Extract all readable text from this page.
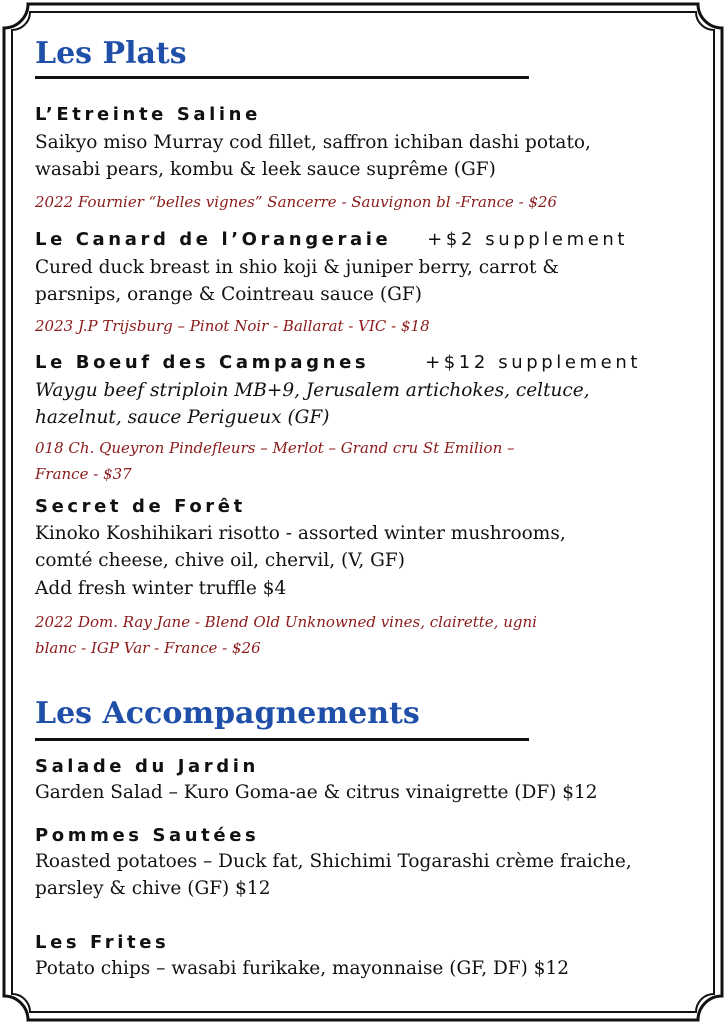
Les Plats
L’Etreinte Saline
Saikyo miso Murray cod fillet, saffron ichiban dashi potato,
wasabi pears, kombu & leek sauce suprême (GF)
2022 Fournier “belles vignes” Sancerre - Sauvignon bl -France - $26
Le Canard de l’Orangeraie +$2 supplement
Cured duck breast in shio koji & juniper berry, carrot &
parsnips, orange & Cointreau sauce (GF)
2023 J.P Trijsburg – Pinot Noir - Ballarat - VIC - $18
Le Boeuf des Campagnes	+$12 supplement
Waygu beef striploin MB+9, Jerusalem artichokes, celtuce,
hazelnut, sauce Perigueux (GF)
018 Ch. Queyron Pindefleurs – Merlot – Grand cru St Emilion –
France - $37
Secret de Forêt
Kinoko Koshihikari risotto - assorted winter mushrooms,
comté cheese, chive oil, chervil, (V, GF)
Add fresh winter truffle $4
2022 Dom. Ray Jane - Blend Old Unknowned vines, clairette, ugni
blanc - IGP Var - France - $26
Les Accompagnements
Salade du Jardin
Garden Salad – Kuro Goma-ae & citrus vinaigrette (DF) $12
Pommes Sautées
Roasted potatoes – Duck fat, Shichimi Togarashi crème fraiche,
parsley & chive (GF) $12
Les Frites
Potato chips – wasabi furikake, mayonnaise (GF, DF) $12
